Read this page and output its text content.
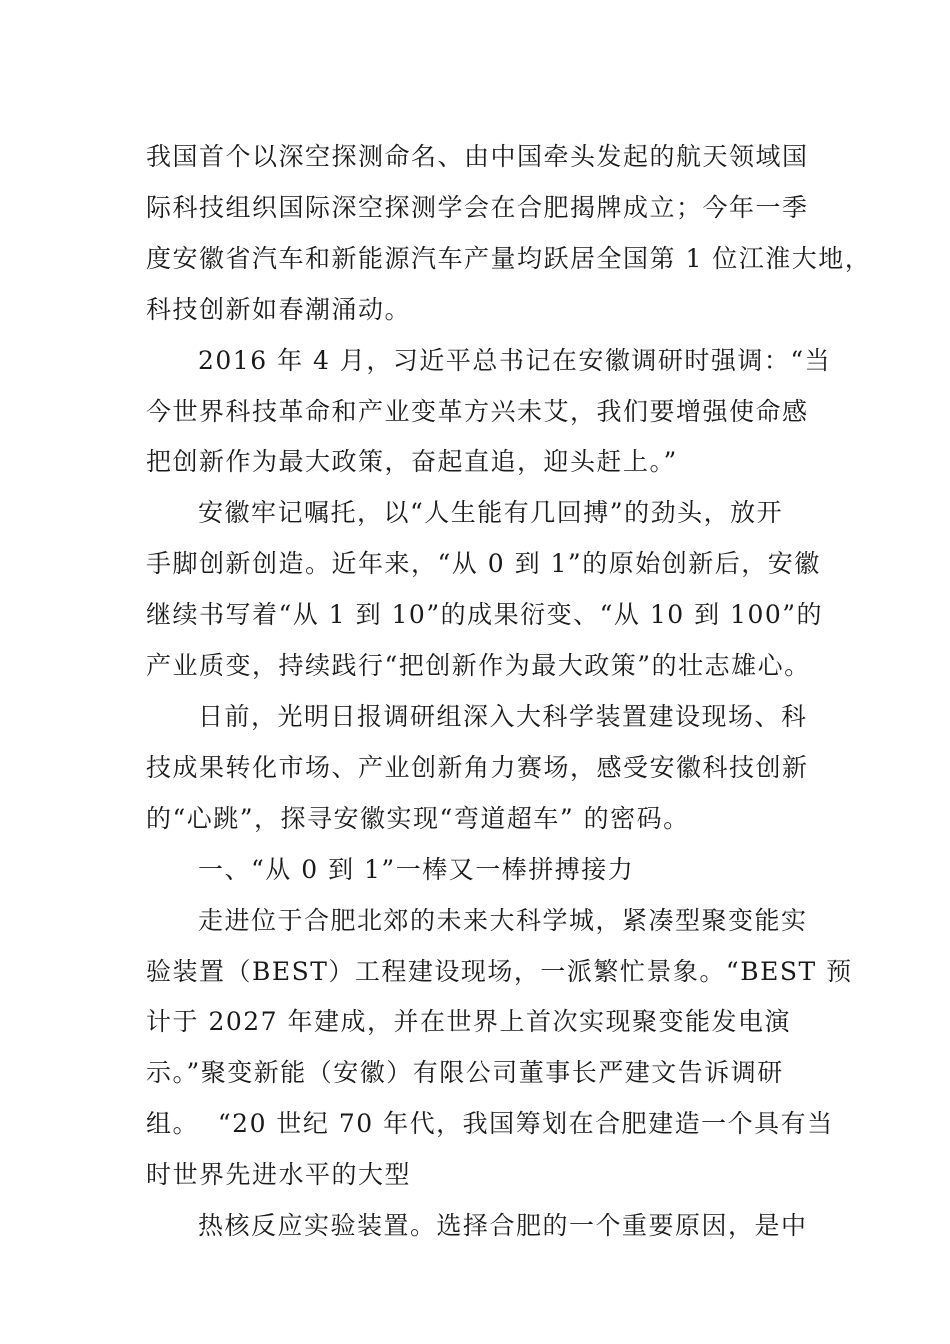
我国首个以深空探测命名、由中国牵头发起的航天领域国
际科技组织国际深空探测学会在合肥揭牌成立；今年一季
度安徽省汽车和新能源汽车产量均跃居全国第 1 位江淮大地，
科技创新如春潮涌动。

2016 年 4 月，习近平总书记在安徽调研时强调：“当
今世界科技革命和产业变革方兴未艾，我们要增强使命感
把创新作为最大政策，奋起直追，迎头赶上。”

安徽牢记嘱托，以“人生能有几回搏”的劲头，放开
手脚创新创造。近年来，“从 0 到 1”的原始创新后，安徽
继续书写着“从 1 到 10”的成果衍变、“从 10 到 100”的
产业质变，持续践行“把创新作为最大政策”的壮志雄心。

日前，光明日报调研组深入大科学装置建设现场、科
技成果转化市场、产业创新角力赛场，感受安徽科技创新
的“心跳”，探寻安徽实现“弯道超车” 的密码。

一、“从 0 到 1”一棒又一棒拼搏接力

走进位于合肥北郊的未来大科学城，紧凑型聚变能实
验装置（BEST）工程建设现场，一派繁忙景象。“BEST 预
计于 2027 年建成，并在世界上首次实现聚变能发电演
示。”聚变新能（安徽）有限公司董事长严建文告诉调研
组。  “20 世纪 70 年代，我国筹划在合肥建造一个具有当
时世界先进水平的大型

热核反应实验装置。选择合肥的一个重要原因，是中
